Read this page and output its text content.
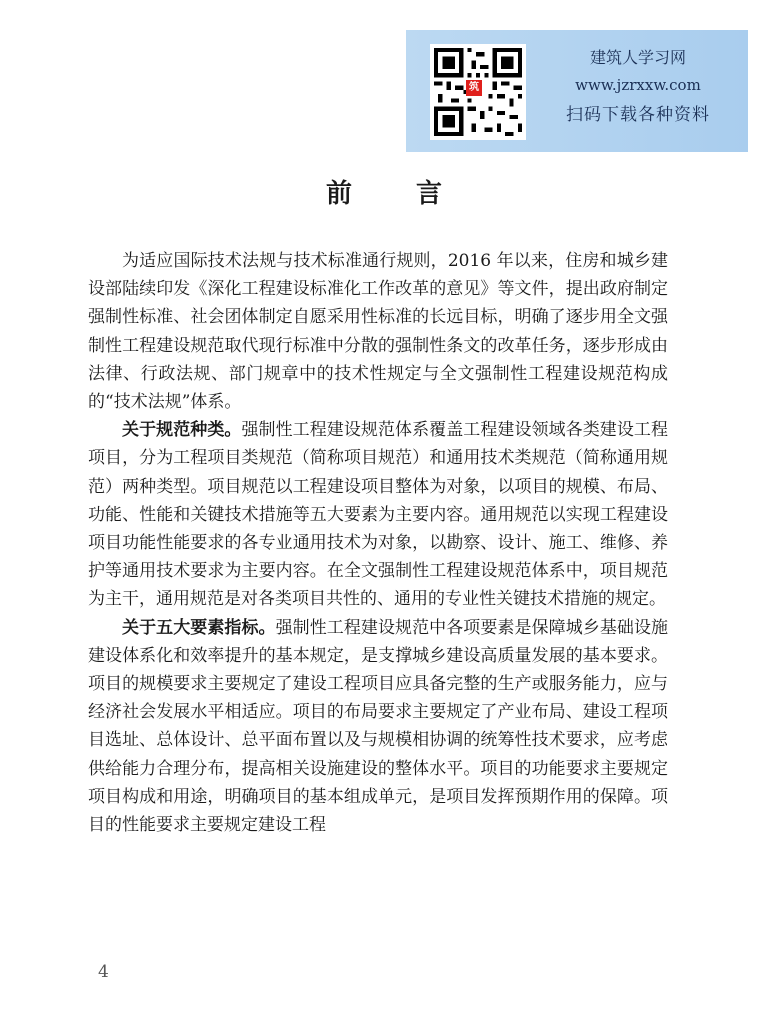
筑
建筑人学习网
www.jzrxxw.com
扫码下载各种资料
前言

为适应国际技术法规与技术标准通行规则，2016 年以来，住房和城乡建设部陆续印发《深化工程建设标准化工作改革的意见》等文件，提出政府制定强制性标准、社会团体制定自愿采用性标准的长远目标，明确了逐步用全文强制性工程建设规范取代现行标准中分散的强制性条文的改革任务，逐步形成由法律、行政法规、部门规章中的技术性规定与全文强制性工程建设规范构成的“技术法规”体系。

关于规范种类。强制性工程建设规范体系覆盖工程建设领域各类建设工程项目，分为工程项目类规范（简称项目规范）和通用技术类规范（简称通用规范）两种类型。项目规范以工程建设项目整体为对象，以项目的规模、布局、功能、性能和关键技术措施等五大要素为主要内容。通用规范以实现工程建设项目功能性能要求的各专业通用技术为对象，以勘察、设计、施工、维修、养护等通用技术要求为主要内容。在全文强制性工程建设规范体系中，项目规范为主干，通用规范是对各类项目共性的、通用的专业性关键技术措施的规定。

关于五大要素指标。强制性工程建设规范中各项要素是保障城乡基础设施建设体系化和效率提升的基本规定，是支撑城乡建设高质量发展的基本要求。项目的规模要求主要规定了建设工程项目应具备完整的生产或服务能力，应与经济社会发展水平相适应。项目的布局要求主要规定了产业布局、建设工程项目选址、总体设计、总平面布置以及与规模相协调的统筹性技术要求，应考虑供给能力合理分布，提高相关设施建设的整体水平。项目的功能要求主要规定项目构成和用途，明确项目的基本组成单元，是项目发挥预期作用的保障。项目的性能要求主要规定建设工程

4
